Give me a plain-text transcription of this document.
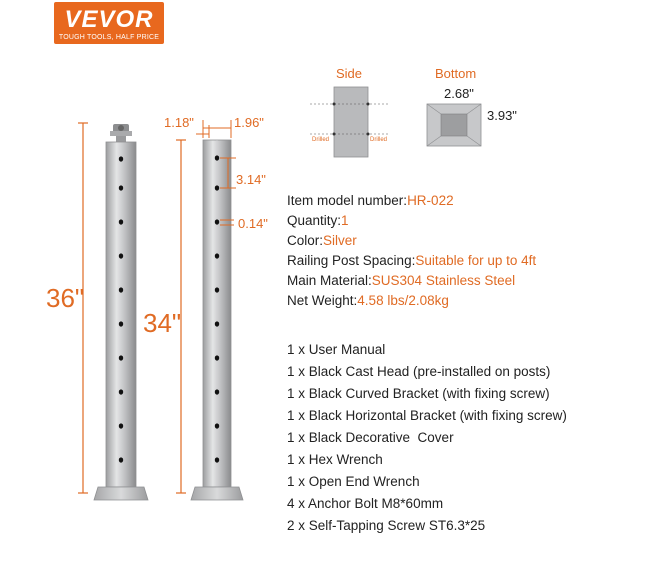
VEVOR
TOUGH TOOLS, HALF PRICE
36"
34"
1.18"	1.96"
3.14"
0.14"
Side
Drilled	Drilled
Bottom
2.68"
3.93"
Item model number:HR-022
Quantity:1
Color:Silver
Railing Post Spacing:Suitable for up to 4ft
Main Material:SUS304 Stainless Steel
Net Weight:4.58 lbs/2.08kg
1 x User Manual
1 x Black Cast Head (pre-installed on posts)
1 x Black Curved Bracket (with fixing screw)
1 x Black Horizontal Bracket (with fixing screw)
1 x Black Decorative  Cover
1 x Hex Wrench
1 x Open End Wrench
4 x Anchor Bolt M8*60mm
2 x Self-Tapping Screw ST6.3*25
